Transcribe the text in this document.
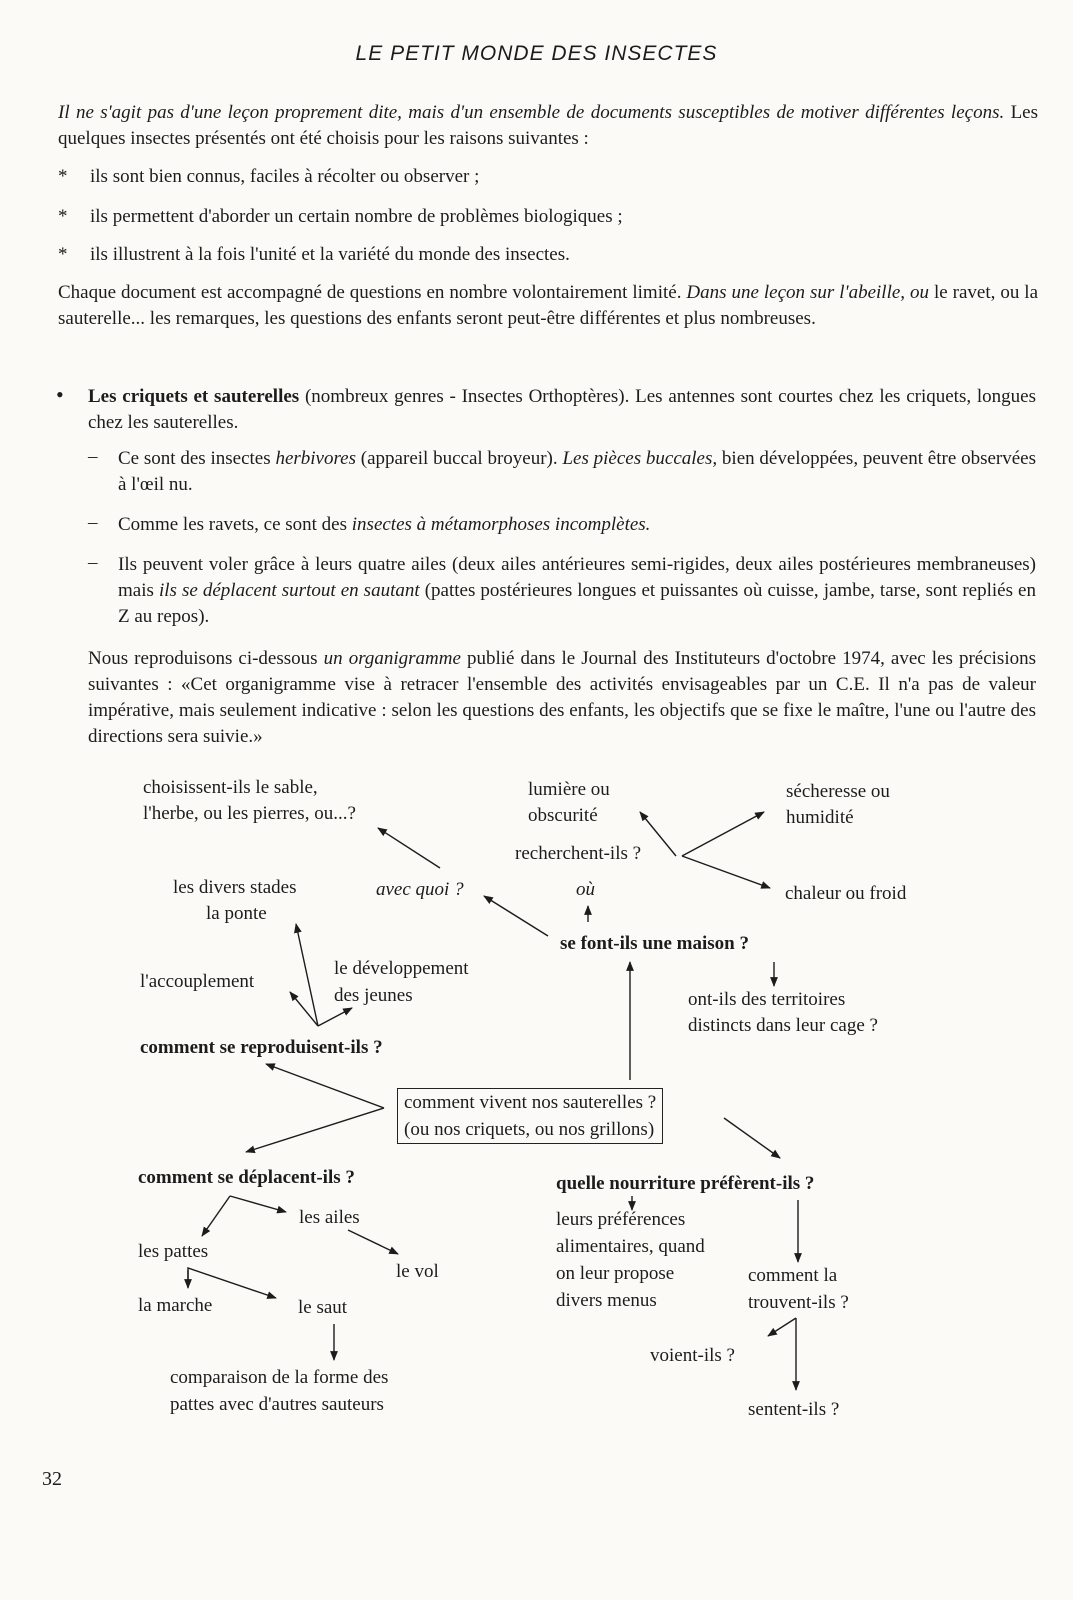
LE PETIT MONDE DES INSECTES

Il ne s'agit pas d'une leçon proprement dite, mais d'un ensemble de documents susceptibles de motiver différentes leçons. Les quelques insectes présentés ont été choisis pour les raisons suivantes :

* ils sont bien connus, faciles à récolter ou observer ;
* ils permettent d'aborder un certain nombre de problèmes biologiques ;
* ils illustrent à la fois l'unité et la variété du monde des insectes.

Chaque document est accompagné de questions en nombre volontairement limité. Dans une leçon sur l'abeille, ou le ravet, ou la sauterelle... les remarques, les questions des enfants seront peut-être différentes et plus nombreuses.

• Les criquets et sauterelles (nombreux genres - Insectes Orthoptères). Les antennes sont courtes chez les criquets, longues chez les sauterelles.

– Ce sont des insectes herbivores (appareil buccal broyeur). Les pièces buccales, bien développées, peuvent être observées à l'œil nu.

– Comme les ravets, ce sont des insectes à métamorphoses incomplètes.

– Ils peuvent voler grâce à leurs quatre ailes (deux ailes antérieures semi-rigides, deux ailes postérieures membraneuses) mais ils se déplacent surtout en sautant (pattes postérieures longues et puissantes où cuisse, jambe, tarse, sont repliés en Z au repos).

Nous reproduisons ci-dessous un organigramme publié dans le Journal des Instituteurs d'octobre 1974, avec les précisions suivantes : «Cet organigramme vise à retracer l'ensemble des activités envisageables par un C.E. Il n'a pas de valeur impérative, mais seulement indicative : selon les questions des enfants, les objectifs que se fixe le maître, l'une ou l'autre des directions sera suivie.»

choisissent-ils le sable,
l'herbe, ou les pierres, ou...?
lumière ou
obscurité
sécheresse ou
humidité
recherchent-ils ?
chaleur ou froid
les divers stades
la ponte
avec quoi ?	où
se font-ils une maison ?
l'accouplement
le développement
des jeunes	ont-ils des territoires
distincts dans leur cage ?
comment se reproduisent-ils ?
comment vivent nos sauterelles ?
(ou nos criquets, ou nos grillons)
comment se déplacent-ils ?	quelle nourriture préfèrent-ils ?
les ailes
les pattes
le vol
la marche	le saut
leurs préférences
alimentaires, quand
on leur propose
divers menus
comment la
trouvent-ils ?
voient-ils ?
sentent-ils ?
comparaison de la forme des
pattes avec d'autres sauteurs
32
